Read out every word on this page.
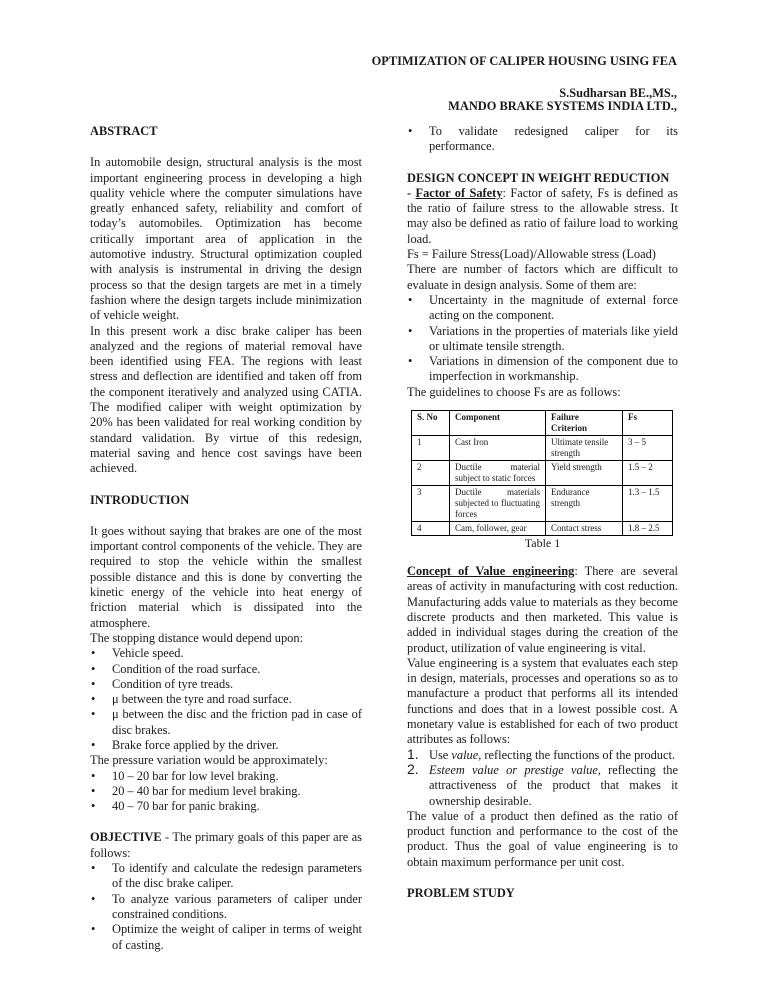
OPTIMIZATION OF CALIPER HOUSING USING FEA
S.Sudharsan BE.,MS.,
MANDO BRAKE SYSTEMS INDIA LTD.,
ABSTRACT

In automobile design, structural analysis is the most important engineering process in developing a high quality vehicle where the computer simulations have greatly enhanced safety, reliability and comfort of today’s automobiles. Optimization has become critically important area of application in the automotive industry. Structural optimization coupled with analysis is instrumental in driving the design process so that the design targets are met in a timely fashion where the design targets include minimization of vehicle weight.

In this present work a disc brake caliper has been analyzed and the regions of material removal have been identified using FEA. The regions with least stress and deflection are identified and taken off from the component iteratively and analyzed using CATIA. The modified caliper with weight optimization by 20% has been validated for real working condition by standard validation. By virtue of this redesign, material saving and hence cost savings have been achieved.

INTRODUCTION

It goes without saying that brakes are one of the most important control components of the vehicle. They are required to stop the vehicle within the smallest possible distance and this is done by converting the kinetic energy of the vehicle into heat energy of friction material which is dissipated into the atmosphere.

The stopping distance would depend upon:

• Vehicle speed.
• Condition of the road surface.
• Condition of tyre treads.
• μ between the tyre and road surface.
• μ between the disc and the friction pad in case of disc brakes.
• Brake force applied by the driver.

The pressure variation would be approximately:

• 10 – 20 bar for low level braking.
• 20 – 40 bar for medium level braking.
• 40 – 70 bar for panic braking.

OBJECTIVE - The primary goals of this paper are as follows:

• To identify and calculate the redesign parameters of the disc brake caliper.
• To analyze various parameters of caliper under constrained conditions.
• Optimize the weight of caliper in terms of weight of casting.
• To validate redesigned caliper for its performance.
DESIGN CONCEPT IN WEIGHT REDUCTION

- Factor of Safety: Factor of safety, Fs is defined as the ratio of failure stress to the allowable stress. It may also be defined as ratio of failure load to working load.

Fs = Failure Stress(Load)/Allowable stress (Load)

There are number of factors which are difficult to evaluate in design analysis. Some of them are:

• Uncertainty in the magnitude of external force acting on the component.
• Variations in the properties of materials like yield or ultimate tensile strength.
• Variations in dimension of the component due to imperfection in workmanship.

The guidelines to choose Fs are as follows:

S. No	Component	Failure Criterion	Fs
1	Cast Iron	Ultimate tensile strength	3 – 5
2	Ductile material subject to static forces	Yield strength	1.5 – 2
3	Ductile materials subjected to fluctuating forces	Endurance strength	1.3 – 1.5
4	Cam, follower, gear	Contact stress	1.8 – 2.5
Table 1

Concept of Value engineering: There are several areas of activity in manufacturing with cost reduction. Manufacturing adds value to materials as they become discrete products and then marketed. This value is added in individual stages during the creation of the product, utilization of value engineering is vital.

Value engineering is a system that evaluates each step in design, materials, processes and operations so as to manufacture a product that performs all its intended functions and does that in a lowest possible cost. A monetary value is established for each of two product attributes as follows:

1. Use value, reflecting the functions of the product.
2. Esteem value or prestige value, reflecting the attractiveness of the product that makes it ownership desirable.

The value of a product then defined as the ratio of product function and performance to the cost of the product. Thus the goal of value engineering is to obtain maximum performance per unit cost.

PROBLEM STUDY
